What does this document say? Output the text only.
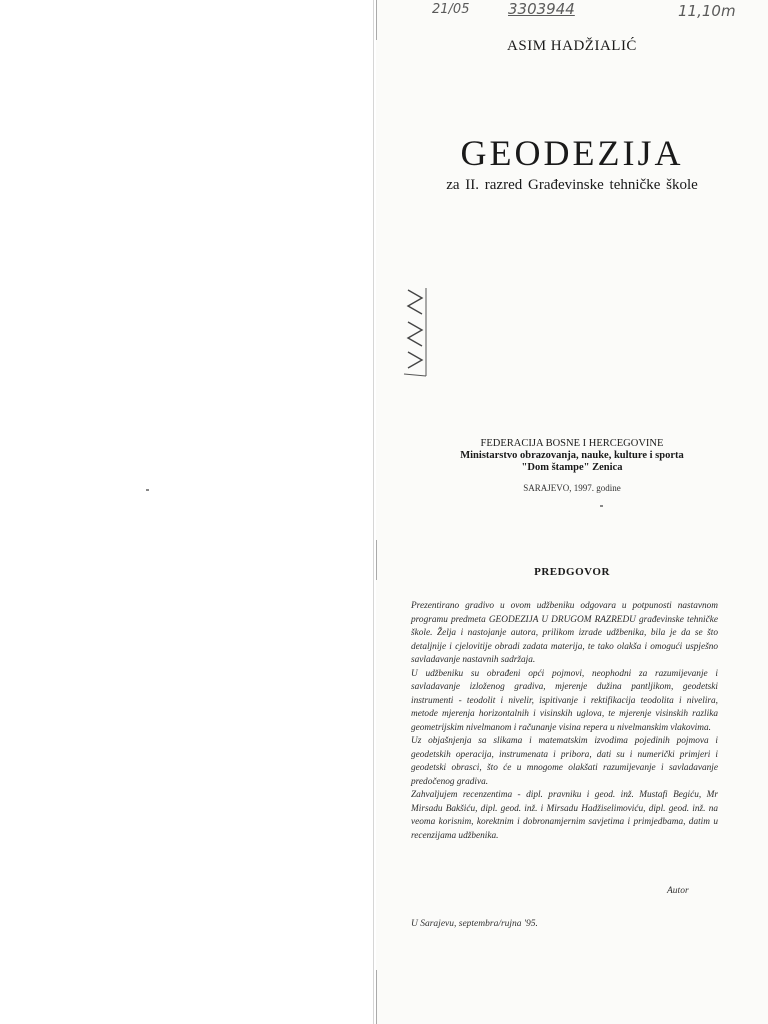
21/05	3303944	11,10m
ASIM HADŽIALIĆ
GEODEZIJA
za II. razred Građevinske tehničke škole
FEDERACIJA BOSNE I HERCEGOVINE
Ministarstvo obrazovanja, nauke, kulture i sporta
"Dom štampe" Zenica
SARAJEVO, 1997. godine
PREDGOVOR

Prezentirano gradivo u ovom udžbeniku odgovara u potpunosti nastavnom programu predmeta GEODEZIJA U DRUGOM RAZREDU građevinske tehničke škole. Želja i nastojanje autora, prilikom izrade udžbenika, bila je da se što detaljnije i cjelovitije obradi zadata materija, te tako olakša i omogući uspješno savladavanje nastavnih sadržaja.

U udžbeniku su obrađeni opći pojmovi, neophodni za razumijevanje i savladavanje izloženog gradiva, mjerenje dužina pantljikom, geodetski instrumenti - teodolit i nivelir, ispitivanje i rektifikacija teodolita i nivelira, metode mjerenja horizontalnih i visinskih uglova, te mjerenje visinskih razlika geometrijskim nivelmanom i računanje visina repera u nivelmanskim vlakovima.

Uz objašnjenja sa slikama i matematskim izvodima pojedinih pojmova i geodetskih operacija, instrumenata i pribora, dati su i numerički primjeri i geodetski obrasci, što će u mnogome olakšati razumijevanje i savladavanje predočenog gradiva.

Zahvaljujem recenzentima - dipl. pravniku i geod. inž. Mustafi Begiću, Mr Mirsadu Bakšiću, dipl. geod. inž. i Mirsadu Hadžiselimoviću, dipl. geod. inž. na veoma korisnim, korektnim i dobronamjernim savjetima i primjedbama, datim u recenzijama udžbenika.

Autor
U Sarajevu, septembra/rujna '95.
